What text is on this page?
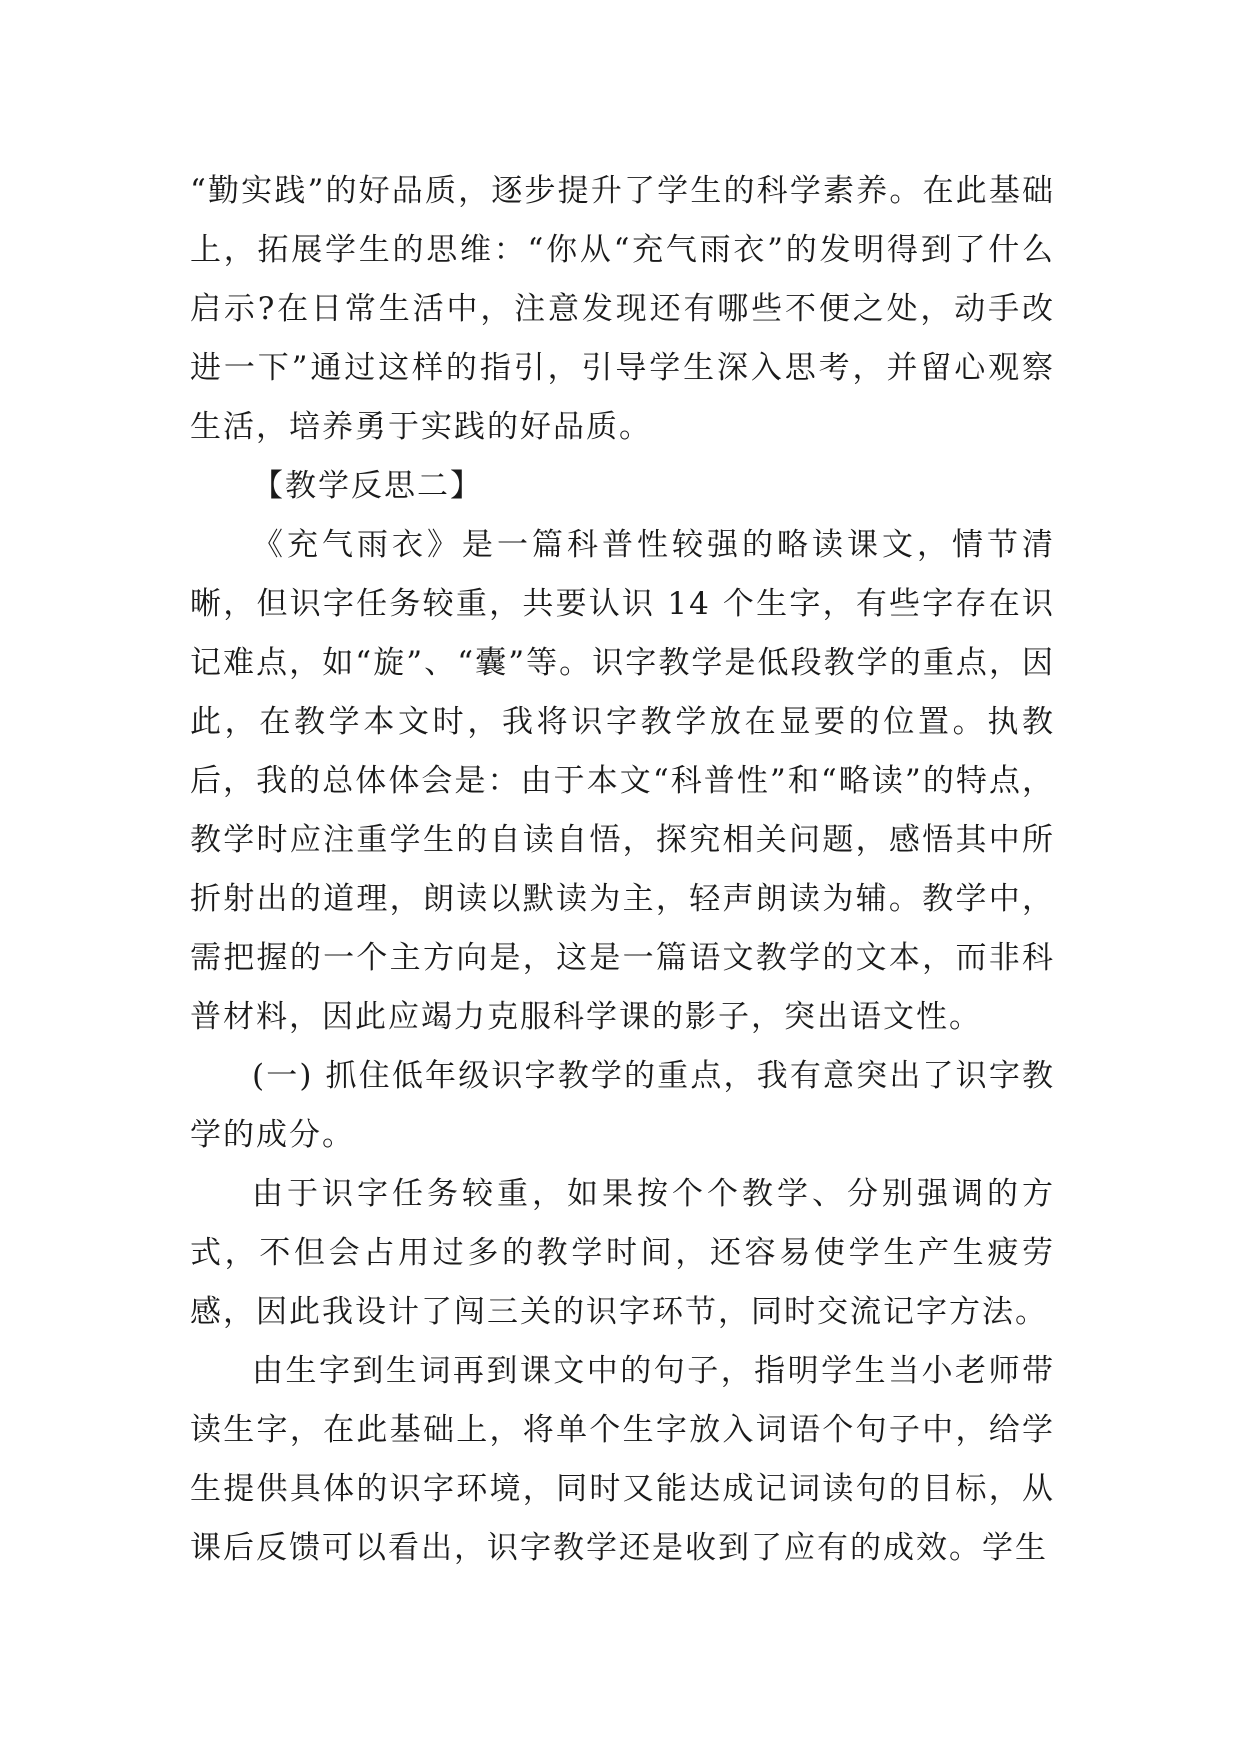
“勤实践”的好品质，逐步提升了学生的科学素养。在此基础上，拓展学生的思维：“你从“充气雨衣”的发明得到了什么启示?在日常生活中，注意发现还有哪些不便之处，动手改进一下”通过这样的指引，引导学生深入思考，并留心观察生活，培养勇于实践的好品质。

【教学反思二】

《充气雨衣》是一篇科普性较强的略读课文，情节清晰，但识字任务较重，共要认识 14 个生字，有些字存在识记难点，如“旋”、“囊”等。识字教学是低段教学的重点，因此，在教学本文时，我将识字教学放在显要的位置。执教后，我的总体体会是：由于本文“科普性”和“略读”的特点，教学时应注重学生的自读自悟，探究相关问题，感悟其中所折射出的道理，朗读以默读为主，轻声朗读为辅。教学中，需把握的一个主方向是，这是一篇语文教学的文本，而非科普材料，因此应竭力克服科学课的影子，突出语文性。

(一) 抓住低年级识字教学的重点，我有意突出了识字教学的成分。

由于识字任务较重，如果按个个教学、分别强调的方式，不但会占用过多的教学时间，还容易使学生产生疲劳感，因此我设计了闯三关的识字环节，同时交流记字方法。

由生字到生词再到课文中的句子，指明学生当小老师带读生字，在此基础上，将单个生字放入词语个句子中，给学生提供具体的识字环境，同时又能达成记词读句的目标，从课后反馈可以看出，识字教学还是收到了应有的成效。学生
